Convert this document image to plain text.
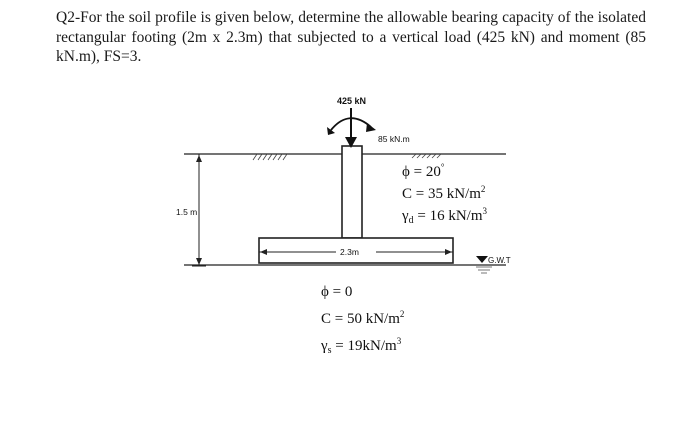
Q2-For the soil profile is given below, determine the allowable bearing capacity of the isolated
rectangular footing (2m x 2.3m) that subjected to a vertical load (425 kN) and moment (85
kN.m), FS=3.
425 kN
85 kN.m
1.5 m
2.3m
G.W.T
ϕ = 20°
C = 35 $kN/m^2$
$\gamma_d = 16$ $kN/m^3$
ϕ = 0
C = 50 $kN/m^2$
$\gamma_s = 19kN/m^3$
